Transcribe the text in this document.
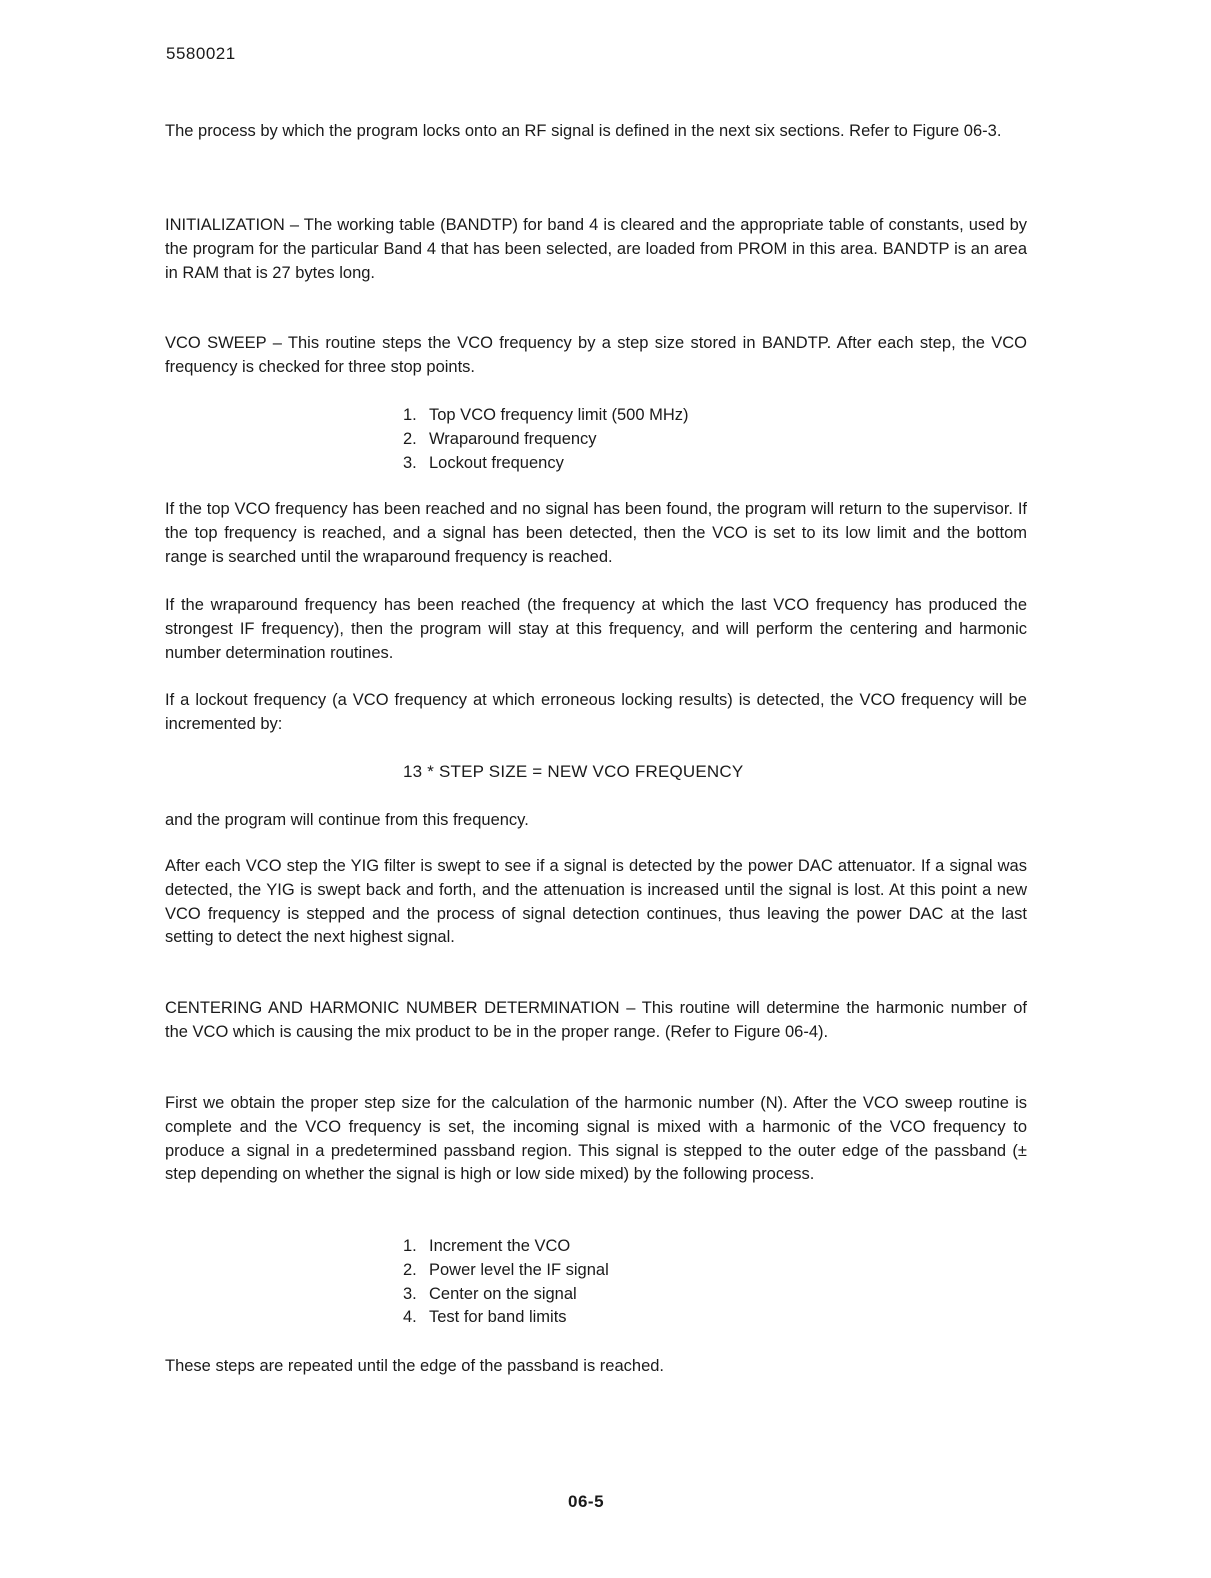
5580021

The process by which the program locks onto an RF signal is defined in the next six sections. Refer to Figure 06-3.

INITIALIZATION – The working table (BANDTP) for band 4 is cleared and the appropriate table of constants, used by the program for the particular Band 4 that has been selected, are loaded from PROM in this area. BANDTP is an area in RAM that is 27 bytes long.

VCO SWEEP – This routine steps the VCO frequency by a step size stored in BANDTP. After each step, the VCO frequency is checked for three stop points.

1. Top VCO frequency limit (500 MHz)
2. Wraparound frequency
3. Lockout frequency

If the top VCO frequency has been reached and no signal has been found, the program will return to the supervisor. If the top frequency is reached, and a signal has been detected, then the VCO is set to its low limit and the bottom range is searched until the wraparound frequency is reached.

If the wraparound frequency has been reached (the frequency at which the last VCO frequency has produced the strongest IF frequency), then the program will stay at this frequency, and will perform the centering and harmonic number determination routines.

If a lockout frequency (a VCO frequency at which erroneous locking results) is detected, the VCO frequency will be incremented by:

13 * STEP SIZE = NEW VCO FREQUENCY

and the program will continue from this frequency.

After each VCO step the YIG filter is swept to see if a signal is detected by the power DAC attenuator. If a signal was detected, the YIG is swept back and forth, and the attenuation is increased until the signal is lost. At this point a new VCO frequency is stepped and the process of signal detection continues, thus leaving the power DAC at the last setting to detect the next highest signal.

CENTERING AND HARMONIC NUMBER DETERMINATION – This routine will determine the harmonic number of the VCO which is causing the mix product to be in the proper range. (Refer to Figure 06-4).

First we obtain the proper step size for the calculation of the harmonic number (N). After the VCO sweep routine is complete and the VCO frequency is set, the incoming signal is mixed with a harmonic of the VCO frequency to produce a signal in a predetermined passband region. This signal is stepped to the outer edge of the passband (± step depending on whether the signal is high or low side mixed) by the following process.

1. Increment the VCO
2. Power level the IF signal
3. Center on the signal
4. Test for band limits

These steps are repeated until the edge of the passband is reached.

06-5
